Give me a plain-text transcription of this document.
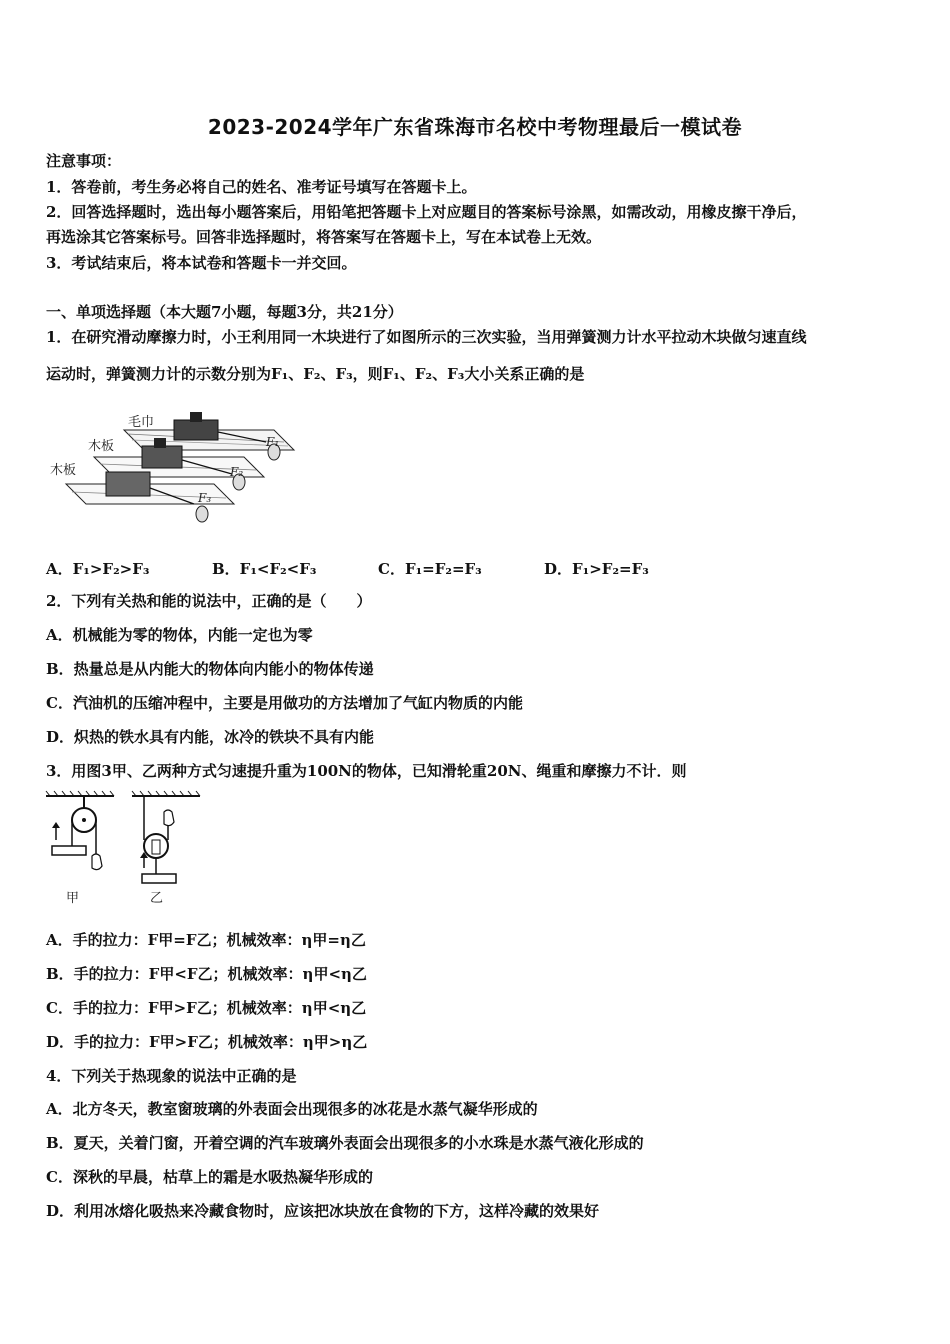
2023-2024学年广东省珠海市名校中考物理最后一模试卷
注意事项：
1．答卷前，考生务必将自己的姓名、准考证号填写在答题卡上。
2．回答选择题时，选出每小题答案后，用铅笔把答题卡上对应题目的答案标号涂黑，如需改动，用橡皮擦干净后，
再选涂其它答案标号。回答非选择题时，将答案写在答题卡上，写在本试卷上无效。
3．考试结束后，将本试卷和答题卡一并交回。
一、单项选择题（本大题7小题，每题3分，共21分）
1．在研究滑动摩擦力时，小王利用同一木块进行了如图所示的三次实验，当用弹簧测力计水平拉动木块做匀速直线
运动时，弹簧测力计的示数分别为F₁、F₂、F₃，则F₁、F₂、F₃大小关系正确的是
毛巾
木板
木板
F₁
F₂
F₃
A．F₁>F₂>F₃	B．F₁<F₂<F₃	C．F₁=F₂=F₃	D．F₁>F₂=F₃
2．下列有关热和能的说法中，正确的是（　　）
A．机械能为零的物体，内能一定也为零
B．热量总是从内能大的物体向内能小的物体传递
C．汽油机的压缩冲程中，主要是用做功的方法增加了气缸内物质的内能
D．炽热的铁水具有内能，冰冷的铁块不具有内能
3．用图3甲、乙两种方式匀速提升重为100N的物体，已知滑轮重20N、绳重和摩擦力不计．则
甲	乙
A．手的拉力：F甲=F乙；机械效率：η甲=η乙
B．手的拉力：F甲<F乙；机械效率：η甲<η乙
C．手的拉力：F甲>F乙；机械效率：η甲<η乙
D．手的拉力：F甲>F乙；机械效率：η甲>η乙
4．下列关于热现象的说法中正确的是
A．北方冬天，教室窗玻璃的外表面会出现很多的冰花是水蒸气凝华形成的
B．夏天，关着门窗，开着空调的汽车玻璃外表面会出现很多的小水珠是水蒸气液化形成的
C．深秋的早晨，枯草上的霜是水吸热凝华形成的
D．利用冰熔化吸热来冷藏食物时，应该把冰块放在食物的下方，这样冷藏的效果好
